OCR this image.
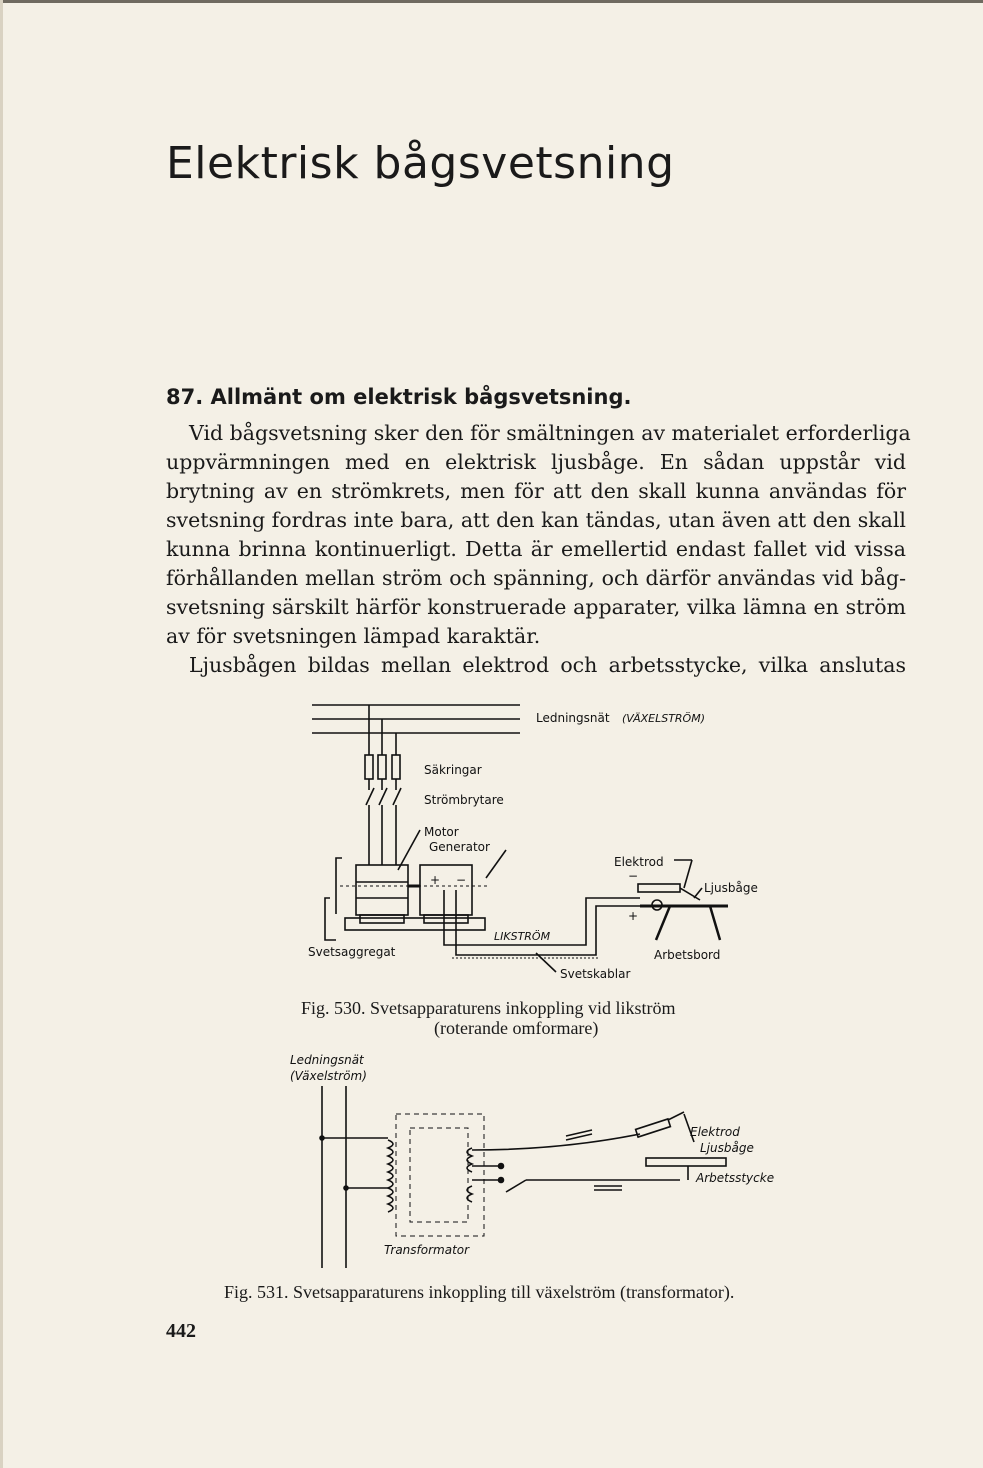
Elektrisk bågsvetsning
87. Allmänt om elektrisk bågsvetsning.
Vid bågsvetsning sker den för smältningen av materialet erforderliga
uppvärmningen med en elektrisk ljusbåge. En sådan uppstår vid
brytning av en strömkrets, men för att den skall kunna användas för
svetsning fordras inte bara, att den kan tändas, utan även att den skall
kunna brinna kontinuerligt. Detta är emellertid endast fallet vid vissa
förhållanden mellan ström och spänning, och därför användas vid båg-
svetsning särskilt härför konstruerade apparater, vilka lämna en ström
av för svetsningen lämpad karaktär.
Ljusbågen bildas mellan elektrod och arbetsstycke, vilka anslutas
Ledningsnät (VÄXELSTRÖM)
Säkringar
Strömbrytare
Motor
Generator
Elektrod
Ljusbåge
+ −	−
+
LIKSTRÖM
Svetsaggregat	Arbetsbord
Svetskablar
Fig. 530. Svetsapparaturens inkoppling vid likström
(roterande omformare)
Ledningsnät
(Växelström)
Elektrod
Ljusbåge
Arbetsstycke
Transformator
Fig. 531. Svetsapparaturens inkoppling till växelström (transformator).
442
